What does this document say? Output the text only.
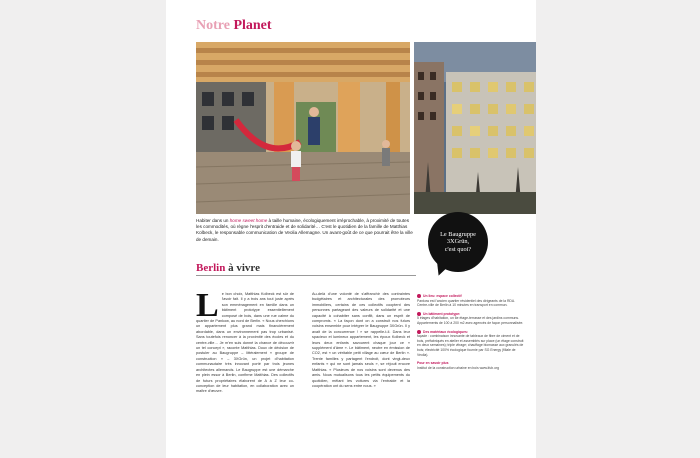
Notre Planet
Habiter dans un home sweet home à taille humaine, écologiquement irréprochable, à proximité de toutes les commodités, où règne l'esprit d'entraide et de solidarité… C'est le quotidien de la famille de Matthias Kolbeck, le responsable communication de Veolia Allemagne. Un avant-goût de ce que pourrait être la ville de demain.
Berlin à vivre
Le bon choix, Matthias Kolbeck est sûr de l'avoir fait. Il y a trois ans tout juste après son emménagement en famille dans un bâtiment prototype essentiellement composé de bois, dans une rue calme du quartier de Pankow, au nord de Berlin. « Nous cherchions un appartement plus grand mais financièrement abordable, dans un environnement pas trop urbanisé. Sans toutefois renoncer à la proximité des écoles et du centre-ville… Je m'en suis donné la chance de découvrir un tel concept », raconte Matthias. Doux de décision de postuler au Baugruppe – littéralement « groupe de construction » – 3XGrün, un projet d'habitation communautaire très innovant porté par trois jeunes architectes allemands. Le Baugruppe est une démarche en plein essor à Berlin, confirme Matthias. Des collectifs de futurs propriétaires élaborent de A à Z leur co-conception de leur habitation, en collaboration avec un maître d'œuvre.
Au-delà d'une volonté de s'affranchir des contraintes budgétaires et architecturales des promoteurs immobiliers, certains de ces collectifs cooptent des personnes partageant des valeurs de solidarité et une capacité à cohabiter sans conflit, dans un esprit de compromis. « La façon dont on a construit nos futurs voisins ensemble pour intégrer le Baugruppe 3XGrün. Il y avait de la concurrence ! » se rappelle-t-il. Dans leur spacieux et lumineux appartement, les époux Kolbeck et leurs deux enfants savourent chaque jour ce « supplément d'âme ». Le bâtiment, neutre en émission de CO2, est « un véritable petit village au cœur de Berlin ». Trente familles y partagent l'endroit, dont vingt-deux enfants « qui ne sont jamais seuls », se réjouit encore Matthias. « Plusieurs de nos voisins sont devenus des amis. Nous mutualisons tous les petits équipements du quotidien, mêlant les voitures via l'entraide et la coopération ont du sens entre nous. »
Le Baugruppe
3XGrün,
c'est quoi?
Un lieu: espace collectif
Pankow est l'ancien quartier résidentiel des dirigeants de la RDA. Centre-ville de Berlin à 10 minutes en transport en commun.
Un bâtiment prototype:
5 étages d'habitation, un 6e étage-terrasse et des jardins communs. Appartements de 100 à 200 m2 avec agencés de façon personnalisée.
Des matériaux écologiques:
façade : combinaison innovante de tableaux de fibre de ciment et de bois, préfabriqués en atelier et assemblés sur place (un étage construit en deux semaines); triple vitrage; chauffage biomasse aux granulés de bois; électricité 100% écologique fournie par SG Energy (filiale de Veolia).
Pour en savoir plus
Institut de la construction urbaine en bois www.ifub.org
